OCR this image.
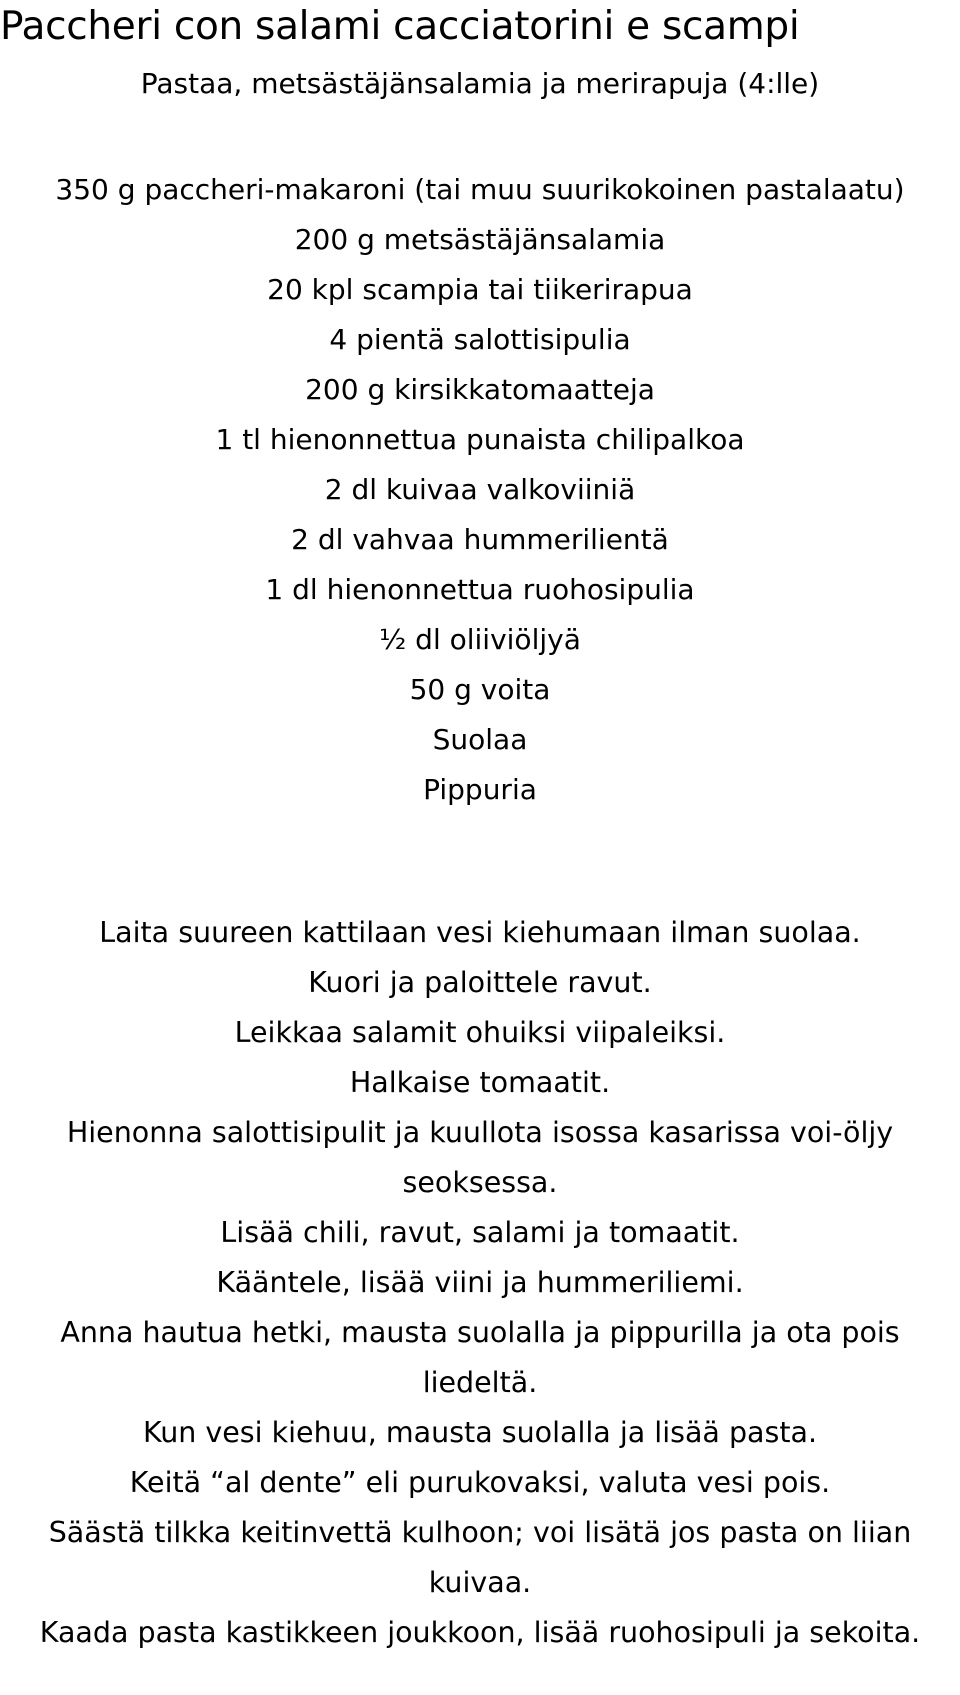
Paccheri con salami cacciatorini e scampi

Pastaa, metsästäjänsalamia ja merirapuja (4:lle)

350 g paccheri-makaroni (tai muu suurikokoinen pastalaatu)
200 g metsästäjänsalamia
20 kpl scampia tai tiikerirapua
4 pientä salottisipulia
200 g kirsikkatomaatteja
1 tl hienonnettua punaista chilipalkoa
2 dl kuivaa valkoviiniä
2 dl vahvaa hummerilientä
1 dl hienonnettua ruohosipulia
½ dl oliiviöljyä
50 g voita
Suolaa
Pippuria
Laita suureen kattilaan vesi kiehumaan ilman suolaa.
Kuori ja paloittele ravut.
Leikkaa salamit ohuiksi viipaleiksi.
Halkaise tomaatit.
Hienonna salottisipulit ja kuullota isossa kasarissa voi-öljy seoksessa.
Lisää chili, ravut, salami ja tomaatit.
Kääntele, lisää viini ja hummeriliemi.
Anna hautua hetki, mausta suolalla ja pippurilla ja ota pois liedeltä.
Kun vesi kiehuu, mausta suolalla ja lisää pasta.
Keitä “al dente” eli purukovaksi, valuta vesi pois.
Säästä tilkka keitinvettä kulhoon; voi lisätä jos pasta on liian kuivaa.
Kaada pasta kastikkeen joukkoon, lisää ruohosipuli ja sekoita.
